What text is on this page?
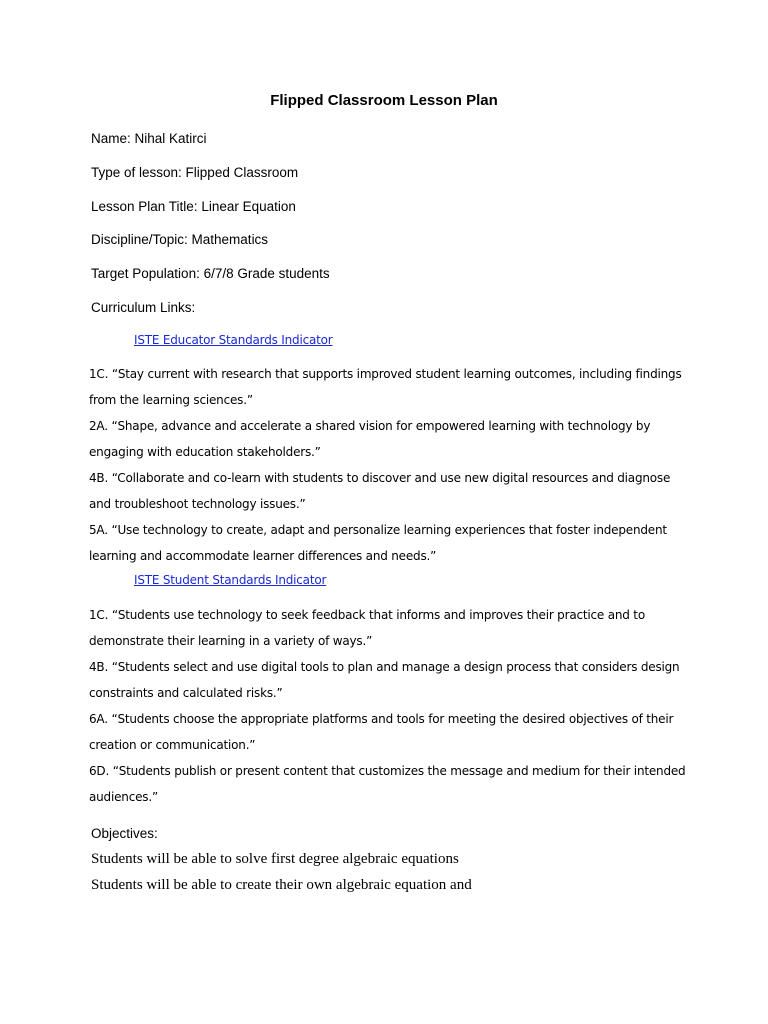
Flipped Classroom Lesson Plan
Name: Nihal Katirci
Type of lesson: Flipped Classroom
Lesson Plan Title: Linear Equation
Discipline/Topic: Mathematics
Target Population: 6/7/8 Grade students
Curriculum Links:
ISTE Educator Standards Indicator
1C. “Stay current with research that supports improved student learning outcomes, including findings from the learning sciences.”
2A. “Shape, advance and accelerate a shared vision for empowered learning with technology by engaging with education stakeholders.”
4B. “Collaborate and co-learn with students to discover and use new digital resources and diagnose and troubleshoot technology issues.”
5A. “Use technology to create, adapt and personalize learning experiences that foster independent learning and accommodate learner differences and needs.”
ISTE Student Standards Indicator
1C. “Students use technology to seek feedback that informs and improves their practice and to demonstrate their learning in a variety of ways.”
4B. “Students select and use digital tools to plan and manage a design process that considers design constraints and calculated risks.”
6A. “Students choose the appropriate platforms and tools for meeting the desired objectives of their creation or communication.”
6D. “Students publish or present content that customizes the message and medium for their intended audiences.”
Objectives:
Students will be able to solve first degree algebraic equations
Students will be able to create their own algebraic equation and
